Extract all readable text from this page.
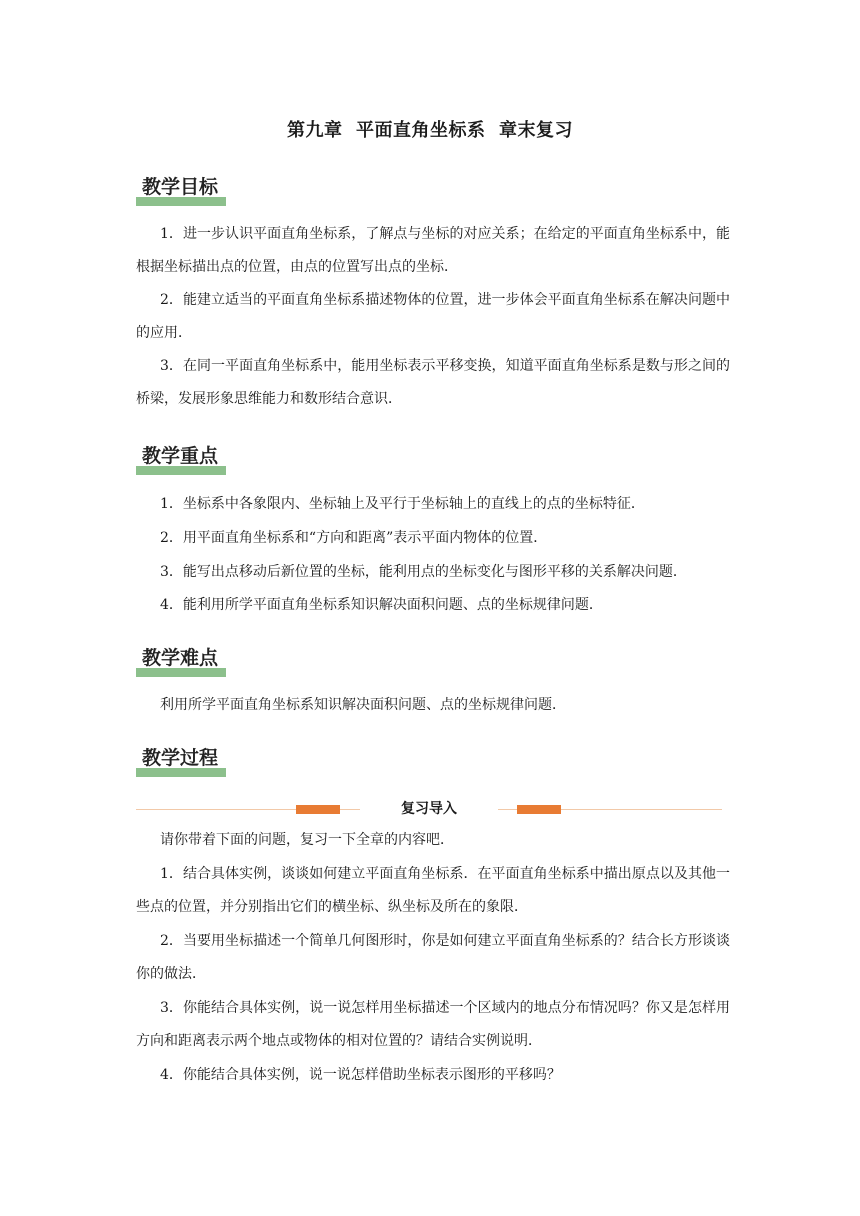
第九章  平面直角坐标系  章末复习
教学目标

1．进一步认识平面直角坐标系，了解点与坐标的对应关系；在给定的平面直角坐标系中，能根据坐标描出点的位置，由点的位置写出点的坐标．

2．能建立适当的平面直角坐标系描述物体的位置，进一步体会平面直角坐标系在解决问题中的应用．

3．在同一平面直角坐标系中，能用坐标表示平移变换，知道平面直角坐标系是数与形之间的桥梁，发展形象思维能力和数形结合意识．

教学重点

1．坐标系中各象限内、坐标轴上及平行于坐标轴上的直线上的点的坐标特征．

2．用平面直角坐标系和“方向和距离”表示平面内物体的位置．

3．能写出点移动后新位置的坐标，能利用点的坐标变化与图形平移的关系解决问题．

4．能利用所学平面直角坐标系知识解决面积问题、点的坐标规律问题．

教学难点

利用所学平面直角坐标系知识解决面积问题、点的坐标规律问题．

教学过程
复习导入

请你带着下面的问题，复习一下全章的内容吧．

1．结合具体实例，谈谈如何建立平面直角坐标系．在平面直角坐标系中描出原点以及其他一些点的位置，并分别指出它们的横坐标、纵坐标及所在的象限．

2．当要用坐标描述一个简单几何图形时，你是如何建立平面直角坐标系的？结合长方形谈谈你的做法．

3．你能结合具体实例，说一说怎样用坐标描述一个区域内的地点分布情况吗？你又是怎样用方向和距离表示两个地点或物体的相对位置的？请结合实例说明．

4．你能结合具体实例，说一说怎样借助坐标表示图形的平移吗？
